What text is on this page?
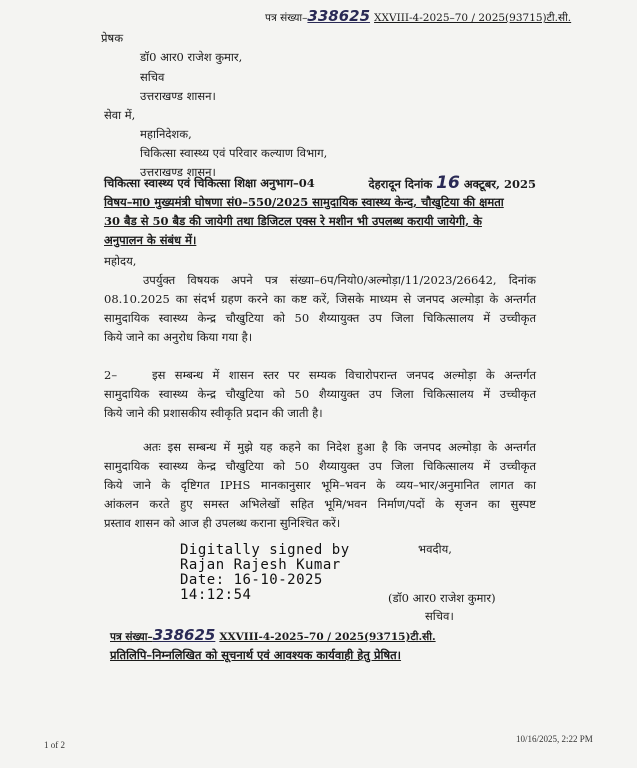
पत्र संख्या–338625 XXVIII-4-2025–70 / 2025(93715)टी.सी.
प्रेषक
डॉ0 आर0 राजेश कुमार,
सचिव
उत्तराखण्ड शासन।
सेवा में,
महानिदेशक,
चिकित्सा स्वास्थ्य एवं परिवार कल्याण विभाग,
उत्तराखण्ड शासन।
चिकित्सा स्वास्थ्य एवं चिकित्सा शिक्षा अनुभाग–04	देहरादून दिनांक 16 अक्टूबर, 2025
विषय–मा0 मुख्यमंत्री घोषणा सं0–550/2025 सामुदायिक स्वास्थ्य केन्द, चौखुटिया की क्षमता
30 बैड से 50 बैड की जायेगी तथा डिजिटल एक्स रे मशीन भी उपलब्ध करायी जायेगी, के
अनुपालन के संबंध में।
महोदय,
उपर्युक्त विषयक अपने पत्र संख्या–6प/नियो0/अल्मोड़ा/11/2023/26642, दिनांक
08.10.2025 का संदर्भ ग्रहण करने का कष्ट करें, जिसके माध्यम से जनपद अल्मोड़ा के अन्तर्गत
सामुदायिक स्वास्थ्य केन्द्र चौखुटिया को 50 शैय्यायुक्त उप जिला चिकित्सालय में उच्चीकृत
किये जाने का अनुरोध किया गया है।
2–	इस सम्बन्ध में शासन स्तर पर सम्यक विचारोपरान्त जनपद अल्मोड़ा के अन्तर्गत
सामुदायिक स्वास्थ्य केन्द्र चौखुटिया को 50 शैय्यायुक्त उप जिला चिकित्सालय में उच्चीकृत
किये जाने की प्रशासकीय स्वीकृति प्रदान की जाती है।
अतः इस सम्बन्ध में मुझे यह कहने का निदेश हुआ है कि जनपद अल्मोड़ा के अन्तर्गत
सामुदायिक स्वास्थ्य केन्द्र चौखुटिया को 50 शैय्यायुक्त उप जिला चिकित्सालय में उच्चीकृत
किये जाने के दृष्टिगत IPHS मानकानुसार भूमि–भवन के व्यय–भार/अनुमानित लागत का
आंकलन करते हुए समस्त अभिलेखों सहित भूमि/भवन निर्माण/पदों के सृजन का सुस्पष्ट
प्रस्ताव शासन को आज ही उपलब्ध कराना सुनिश्चित करें।
Digitally signed by
Rajan Rajesh Kumar
Date: 16-10-2025
14:12:54
भवदीय,
(डॉ0 आर0 राजेश कुमार)
सचिव।
पत्र संख्या–338625 XXVIII-4-2025–70 / 2025(93715)टी.सी.
प्रतिलिपि–निम्नलिखित को सूचनार्थ एवं आवश्यक कार्यवाही हेतु प्रेषित।
1 of 2
10/16/2025, 2:22 PM
